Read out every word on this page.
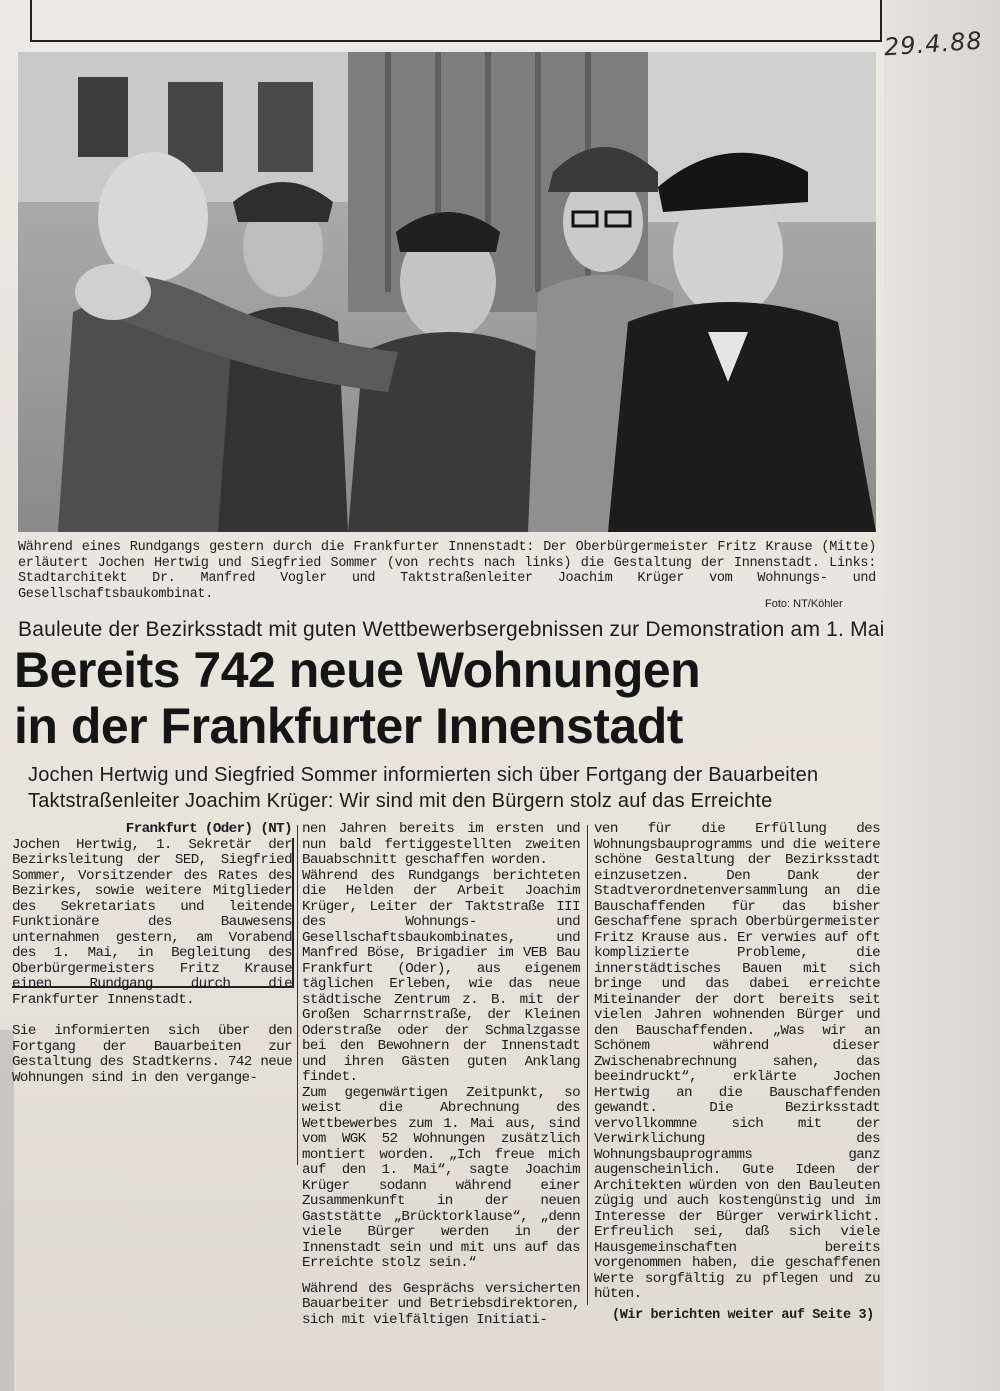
29.4.88
Während eines Rundgangs gestern durch die Frankfurter Innenstadt: Der Oberbürgermeister Fritz Krause (Mitte) erläutert Jochen Hertwig und Siegfried Sommer (von rechts nach links) die Gestaltung der Innenstadt. Links: Stadtarchitekt Dr. Manfred Vogler und Taktstraßenleiter Joachim Krüger vom Wohnungs- und Gesellschaftsbaukombinat.
Foto: NT/Köhler
Bauleute der Bezirksstadt mit guten Wettbewerbsergebnissen zur Demonstration am 1. Mai
Bereits 742 neue Wohnungen
in der Frankfurter Innenstadt
Jochen Hertwig und Siegfried Sommer informierten sich über Fortgang der Bauarbeiten
Taktstraßenleiter Joachim Krüger: Wir sind mit den Bürgern stolz auf das Erreichte

Frankfurt (Oder) (NT)

Jochen Hertwig, 1. Sekretär der Bezirksleitung der SED, Siegfried Sommer, Vorsitzender des Rates des Bezirkes, sowie weitere Mitglieder des Sekretariats und leitende Funktionäre des Bauwesens unternahmen gestern, am Vorabend des 1. Mai, in Begleitung des Oberbürgermeisters Fritz Krause einen Rundgang durch die Frankfurter Innenstadt.

Sie informierten sich über den Fortgang der Bauarbeiten zur Gestaltung des Stadtkerns. 742 neue Wohnungen sind in den vergange-

nen Jahren bereits im ersten und nun bald fertiggestellten zweiten Bauabschnitt geschaffen worden.

Während des Rundgangs berichteten die Helden der Arbeit Joachim Krüger, Leiter der Taktstraße III des Wohnungs- und Gesellschaftsbaukombinates, und Manfred Böse, Brigadier im VEB Bau Frankfurt (Oder), aus eigenem täglichen Erleben, wie das neue städtische Zentrum z. B. mit der Großen Scharrnstraße, der Kleinen Oderstraße oder der Schmalzgasse bei den Bewohnern der Innenstadt und ihren Gästen guten Anklang findet.

Zum gegenwärtigen Zeitpunkt, so weist die Abrechnung des Wettbewerbes zum 1. Mai aus, sind vom WGK 52 Wohnungen zusätzlich montiert worden. „Ich freue mich auf den 1. Mai“, sagte Joachim Krüger sodann während einer Zusammenkunft in der neuen Gaststätte „Brücktorklause“, „denn viele Bürger werden in der Innenstadt sein und mit uns auf das Erreichte stolz sein.“

Während des Gesprächs versicherten Bauarbeiter und Betriebsdirektoren, sich mit vielfältigen Initiati-

ven für die Erfüllung des Wohnungsbauprogramms und die weitere schöne Gestaltung der Bezirksstadt einzusetzen. Den Dank der Stadtverordnetenversammlung an die Bauschaffenden für das bisher Geschaffene sprach Oberbürgermeister Fritz Krause aus. Er verwies auf oft komplizierte Probleme, die innerstädtisches Bauen mit sich bringe und das dabei erreichte Miteinander der dort bereits seit vielen Jahren wohnenden Bürger und den Bauschaffenden. „Was wir an Schönem während dieser Zwischenabrechnung sahen, das beeindruckt“, erklärte Jochen Hertwig an die Bauschaffenden gewandt. Die Bezirksstadt vervollkommne sich mit der Verwirklichung des Wohnungsbauprogramms ganz augenscheinlich. Gute Ideen der Architekten würden von den Bauleuten zügig und auch kostengünstig und im Interesse der Bürger verwirklicht. Erfreulich sei, daß sich viele Hausgemeinschaften bereits vorgenommen haben, die geschaffenen Werte sorgfältig zu pflegen und zu hüten.

(Wir berichten weiter auf Seite 3)
